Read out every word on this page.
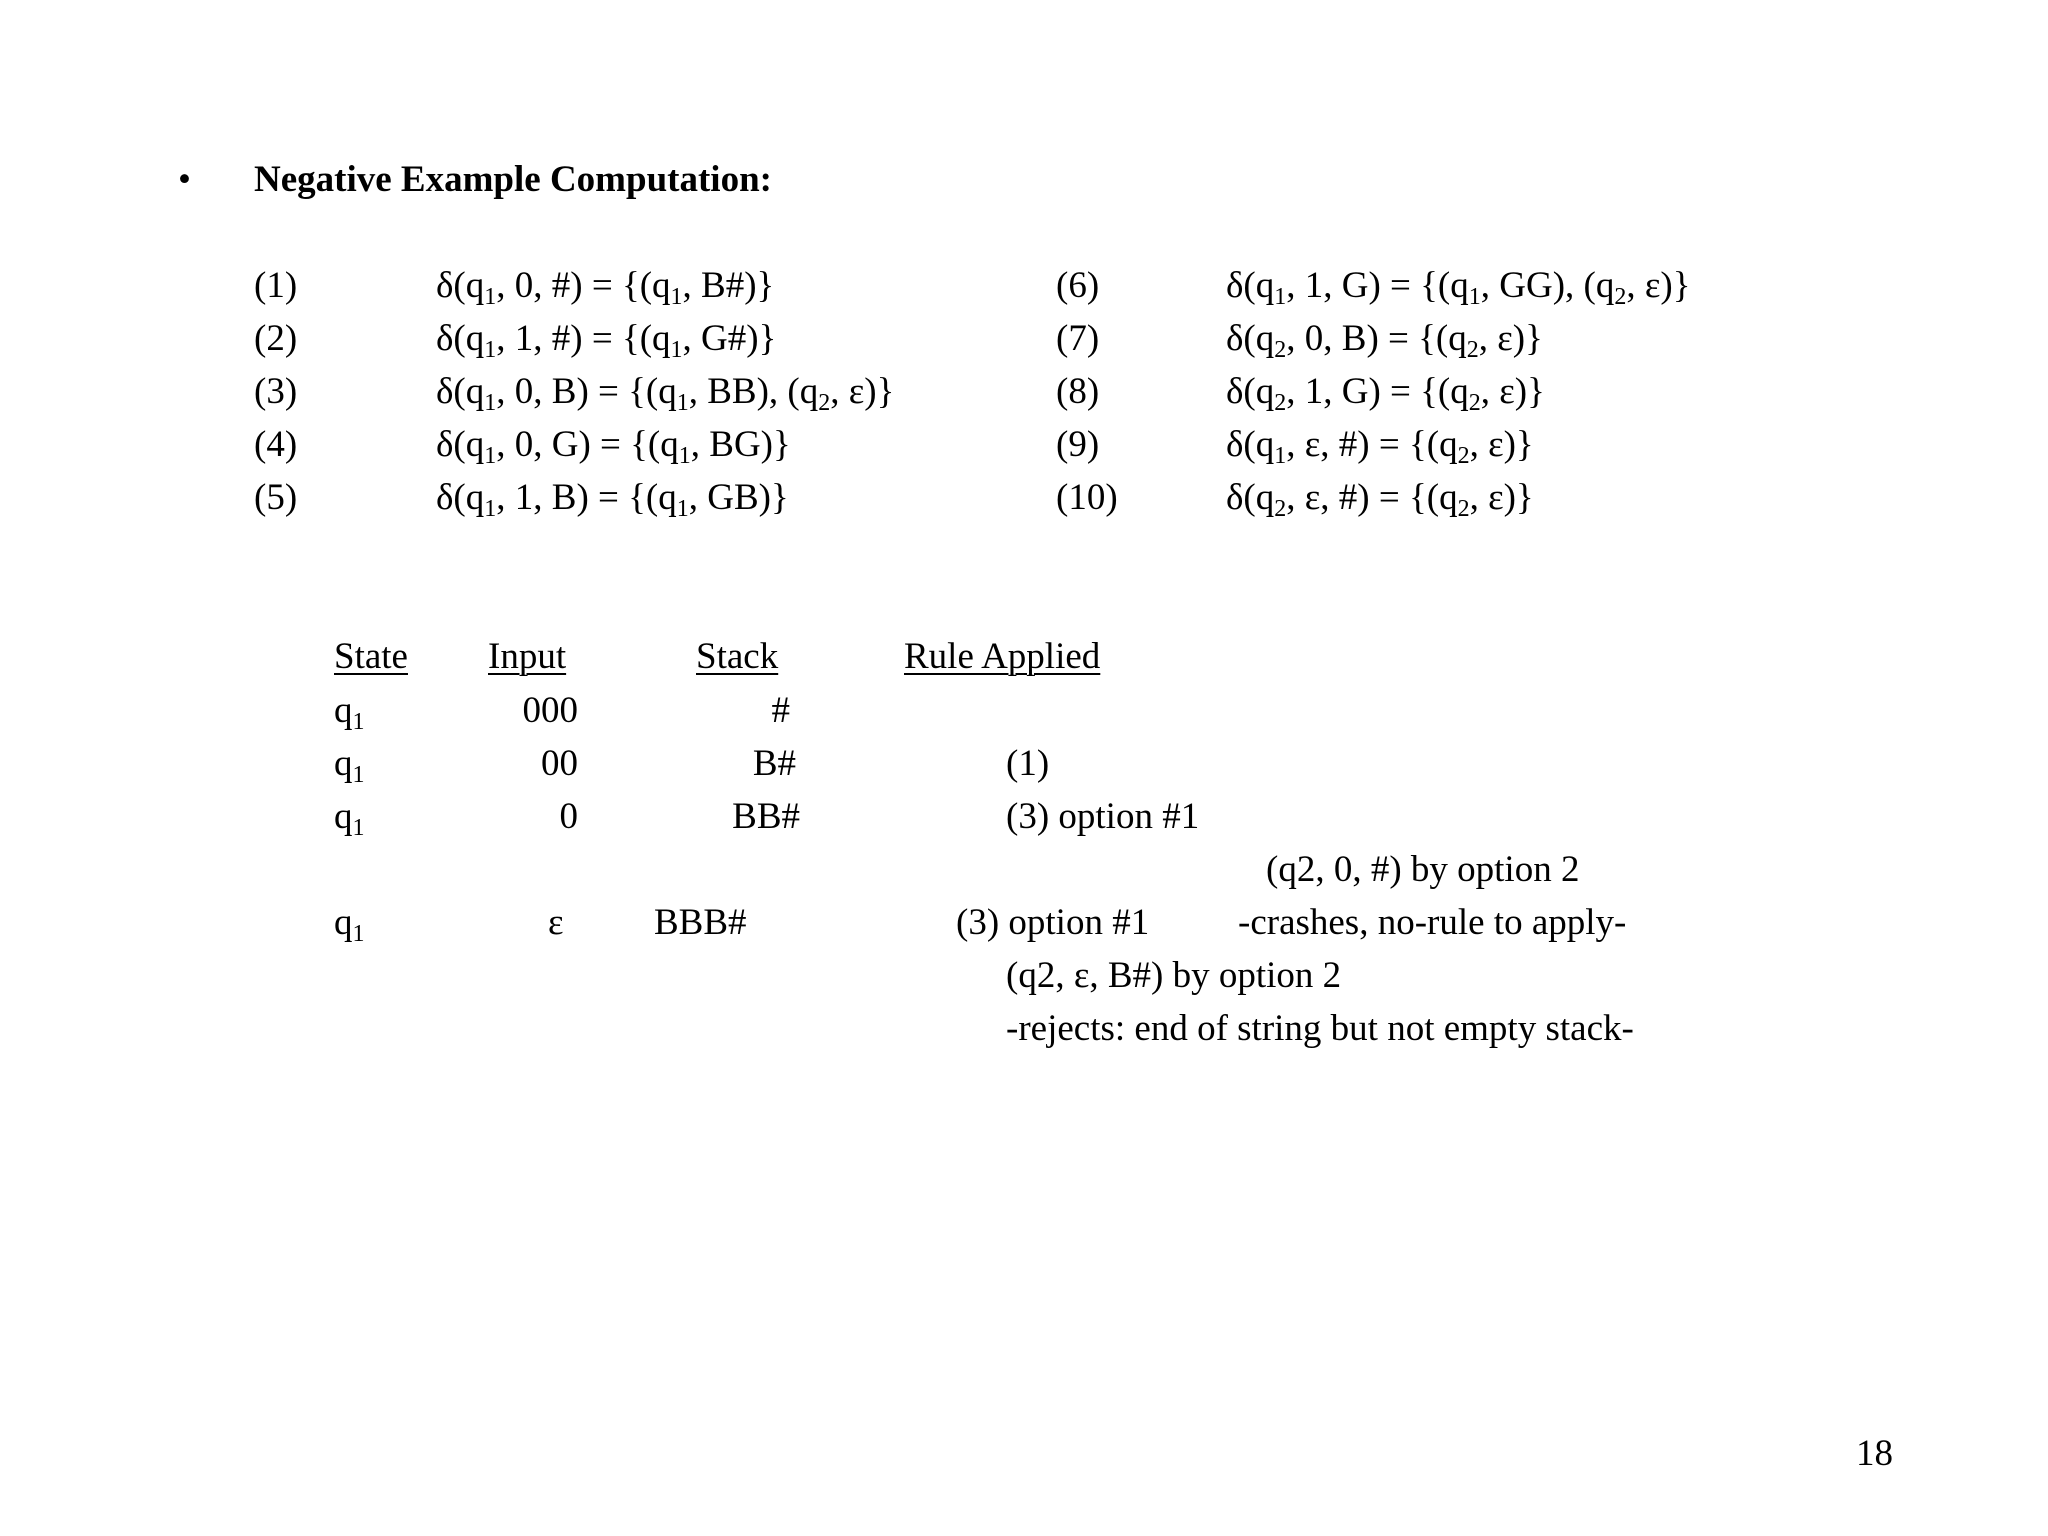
• Negative Example Computation:
(1)	$\delta(q_1$, 0, #) = {($q_1$, B#)}
(2)	$\delta(q_1$, 1, #) = {($q_1$, G#)}
(3)	$\delta(q_1$, 0, $B) = \{(q_1$, BB), ($q_2$, ε)}
(4)	$\delta(q_1$, 0, $G) = \{(q_1$, BG)}
(5)	$\delta(q_1$, 1, $B) = \{(q_1$, GB)}
(6)	$\delta(q_1$, 1, $G) = \{(q_1$, GG), ($q_2$, ε)}
(7)	$\delta(q_2$, 0, $B) = \{(q_2$, ε)}
(8)	$\delta(q_2$, 1, $G) = \{(q_2$, ε)}
(9)	$\delta(q_1$, ε, #) = {($q_2$, ε)}
(10)	$\delta(q_2$, ε, #) = {($q_2$, ε)}
State Input	Stack	Rule Applied
$q_1$	000	#
$q_1$	00	B#	(1)
$q_1$	0	BB#	(3) option #1
(q2, 0, #) by option 2
$q_1$	ε BBB#	(3) option #1 -crashes, no-rule to apply-
(q2, ε, B#) by option 2
-rejects: end of string but not empty stack-
18
